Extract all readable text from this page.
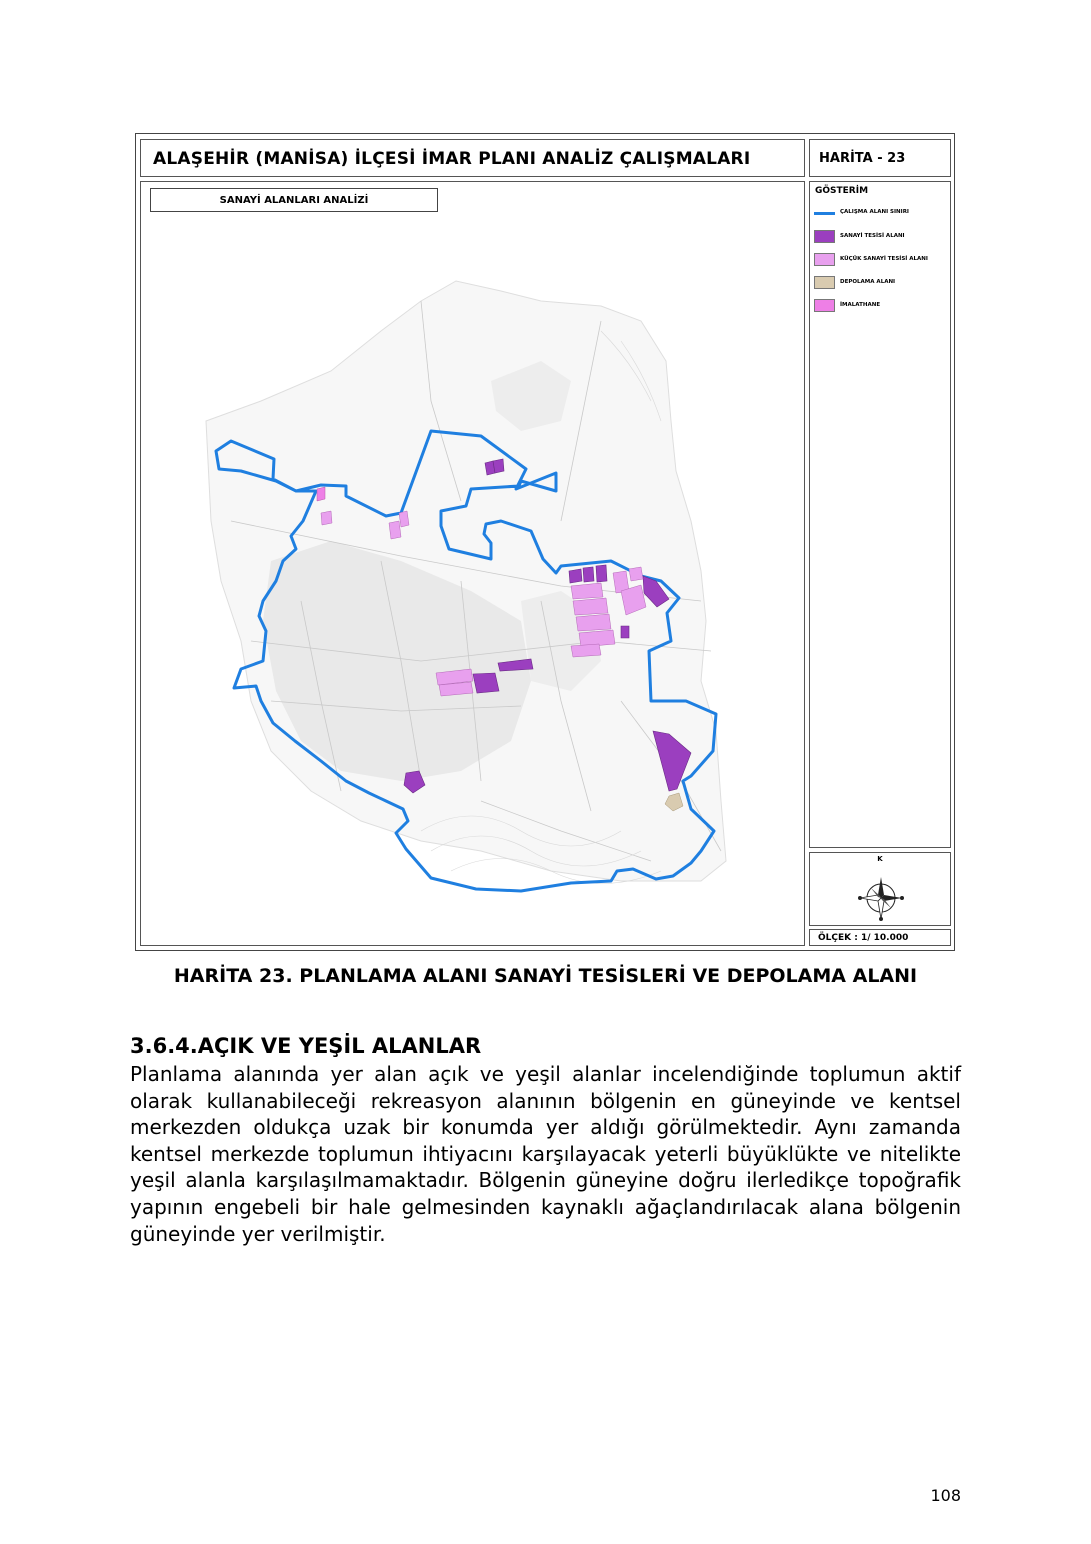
ALAŞEHİR (MANİSA) İLÇESİ İMAR PLANI ANALİZ ÇALIŞMALARI	HARİTA - 23
SANAYİ ALANLARI ANALİZİ
GÖSTERİM
ÇALIŞMA ALANI SINIRI
SANAYİ TESİSİ ALANI
KÜÇÜK SANAYİ TESİSİ ALANI
DEPOLAMA ALANI
İMALATHANE
K
ÖLÇEK : 1/ 10.000
HARİTA 23. PLANLAMA ALANI SANAYİ TESİSLERİ VE DEPOLAMA ALANI
3.6.4.AÇIK VE YEŞİL ALANLAR

Planlama alanında yer alan açık ve yeşil alanlar incelendiğinde toplumun aktif olarak kullanabileceği rekreasyon alanının bölgenin en güneyinde ve kentsel merkezden oldukça uzak bir konumda yer aldığı görülmektedir. Aynı zamanda kentsel merkezde toplumun ihtiyacını karşılayacak yeterli büyüklükte ve nitelikte yeşil alanla karşılaşılmamaktadır. Bölgenin güneyine doğru ilerledikçe topoğrafik yapının engebeli bir hale gelmesinden kaynaklı ağaçlandırılacak alana bölgenin güneyinde yer verilmiştir.

108
